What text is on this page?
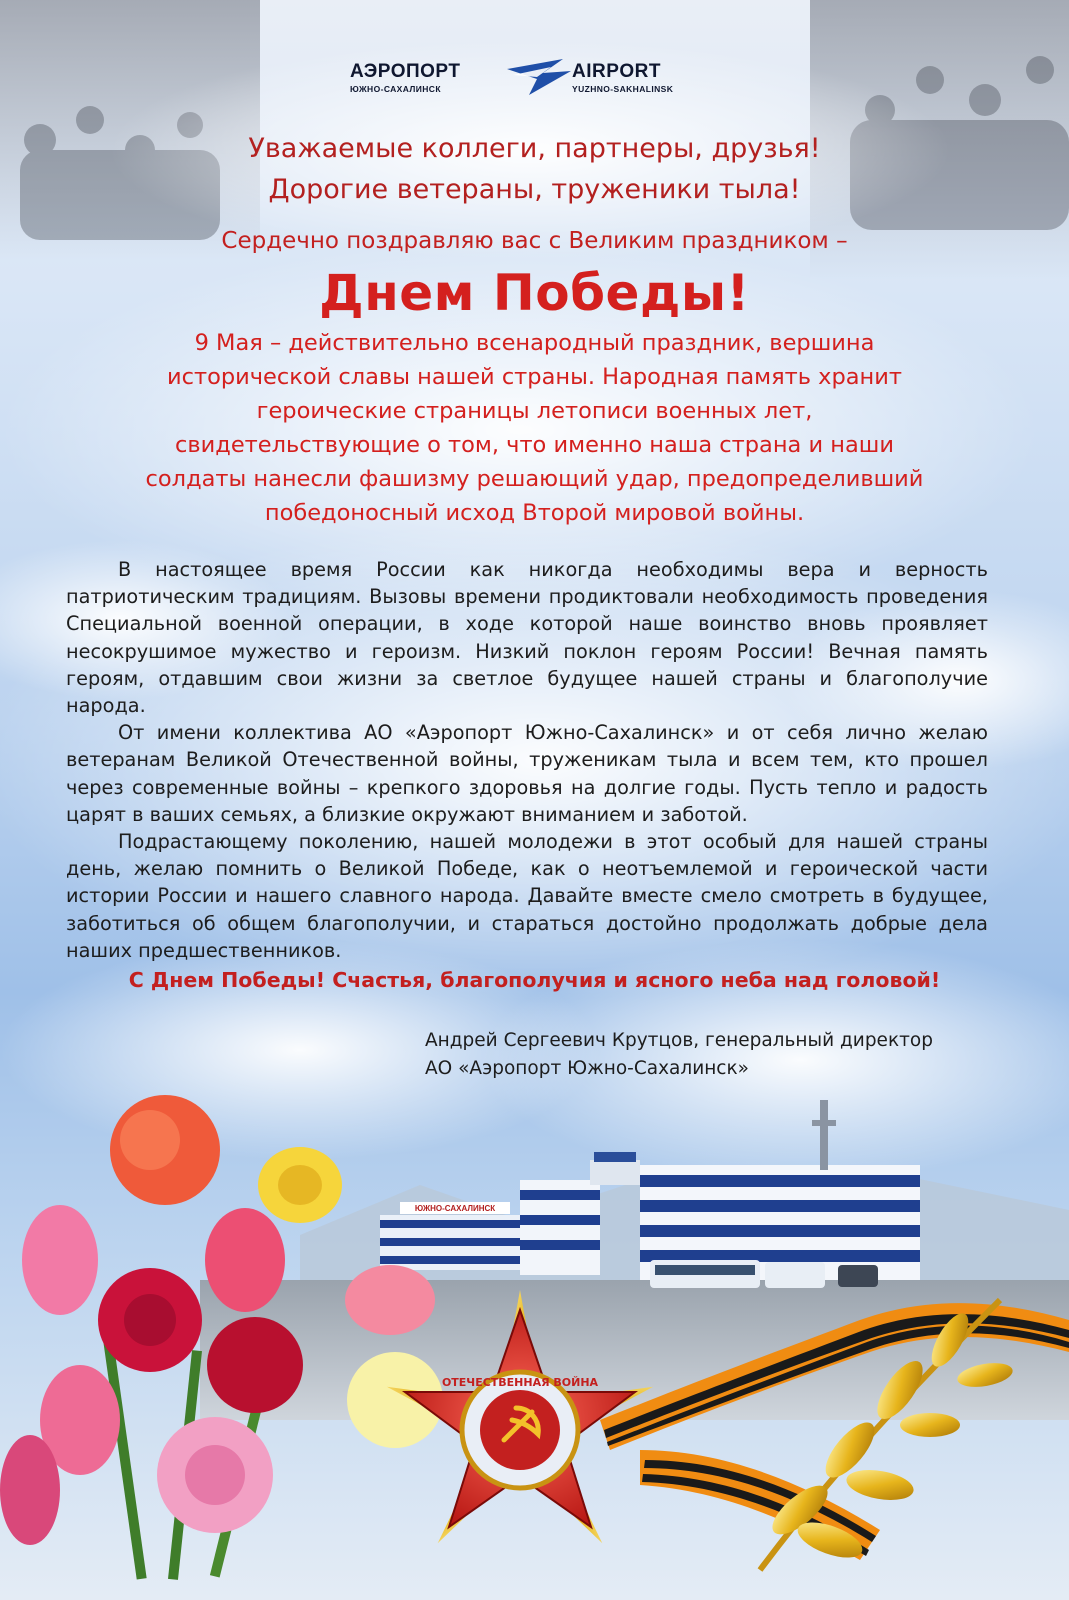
АЭРОПОРТ
ЮЖНО-САХАЛИНСК
AIRPORT
YUZHNO-SAKHALINSK
Уважаемые коллеги, партнеры, друзья!
Дорогие ветераны, труженики тыла!
Сердечно поздравляю вас с Великим праздником –
Днем Победы!
9 Мая – действительно всенародный праздник, вершина
исторической славы нашей страны. Народная память хранит
героические страницы летописи военных лет,
свидетельствующие о том, что именно наша страна и наши
солдаты нанесли фашизму решающий удар, предопределивший
победоносный исход Второй мировой войны.

В настоящее время России как никогда необходимы вера и верность патриотическим традициям. Вызовы времени продиктовали необходимость проведения Специальной военной операции, в ходе которой наше воинство вновь проявляет несокрушимое мужество и героизм. Низкий поклон героям России! Вечная память героям, отдавшим свои жизни за светлое будущее нашей страны и благополучие народа.

От имени коллектива АО «Аэропорт Южно-Сахалинск» и от себя лично желаю ветеранам Великой Отечественной войны, труженикам тыла и всем тем, кто прошел через современные войны – крепкого здоровья на долгие годы. Пусть тепло и радость царят в ваших семьях, а близкие окружают вниманием и заботой.

Подрастающему поколению, нашей молодежи в этот особый для нашей страны день, желаю помнить о Великой Победе, как о неотъемлемой и героической части истории России и нашего славного народа. Давайте вместе смело смотреть в будущее, заботиться об общем благополучии, и стараться достойно продолжать добрые дела наших предшественников.

С Днем Победы! Счастья, благополучия и ясного неба над головой!
Андрей Сергеевич Крутцов, генеральный директор
АО «Аэропорт Южно-Сахалинск»
ЮЖНО-САХАЛИНСК
ОТЕЧЕСТВЕННАЯ ВОЙНА
